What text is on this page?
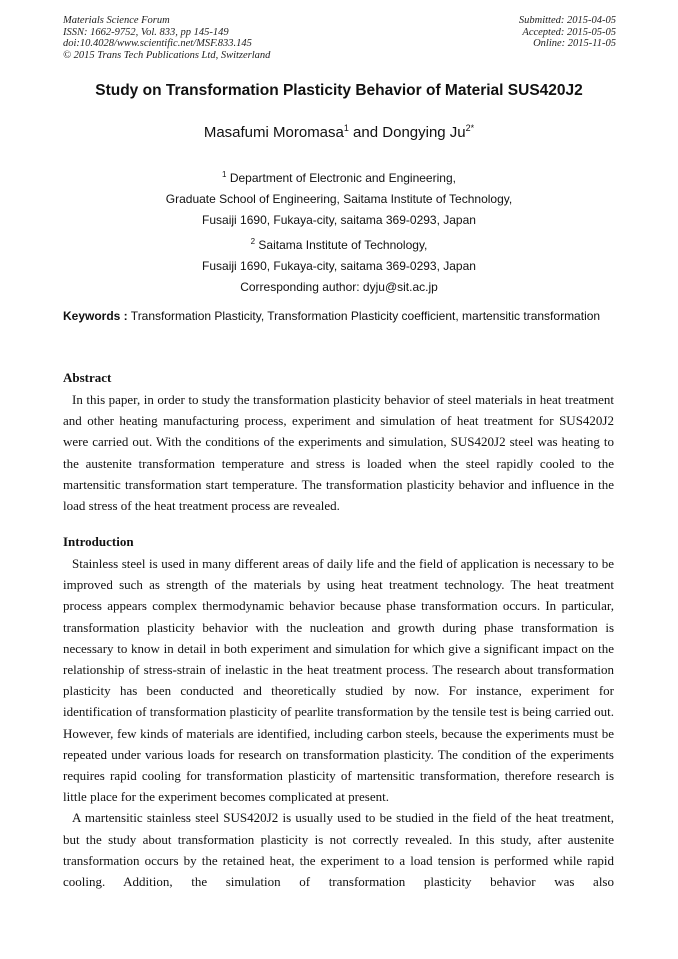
Materials Science Forum
ISSN: 1662-9752, Vol. 833, pp 145-149
doi:10.4028/www.scientific.net/MSF.833.145
© 2015 Trans Tech Publications Ltd, Switzerland
Submitted: 2015-04-05
Accepted: 2015-05-05
Online: 2015-11-05
Study on Transformation Plasticity Behavior of Material SUS420J2
Masafumi Moromasa$^1$ and Dongying $Ju^{2*}$
$^1$ Department of Electronic and Engineering,
Graduate School of Engineering, Saitama Institute of Technology,
Fusaiji 1690, Fukaya-city, saitama 369-0293, Japan
$^2$ Saitama Institute of Technology,
Fusaiji 1690, Fukaya-city, saitama 369-0293, Japan
Corresponding author: dyju@sit.ac.jp
Keywords : Transformation Plasticity, Transformation Plasticity coefficient, martensitic transformation
Abstract

In this paper, in order to study the transformation plasticity behavior of steel materials in heat treatment and other heating manufacturing process, experiment and simulation of heat treatment for SUS420J2 were carried out. With the conditions of the experiments and simulation, SUS420J2 steel was heating to the austenite transformation temperature and stress is loaded when the steel rapidly cooled to the martensitic transformation start temperature. The transformation plasticity behavior and influence in the load stress of the heat treatment process are revealed.

Introduction

Stainless steel is used in many different areas of daily life and the field of application is necessary to be improved such as strength of the materials by using heat treatment technology. The heat treatment process appears complex thermodynamic behavior because phase transformation occurs. In particular, transformation plasticity behavior with the nucleation and growth during phase transformation is necessary to know in detail in both experiment and simulation for which give a significant impact on the relationship of stress-strain of inelastic in the heat treatment process. The research about transformation plasticity has been conducted and theoretically studied by now. For instance, experiment for identification of transformation plasticity of pearlite transformation by the tensile test is being carried out. However, few kinds of materials are identified, including carbon steels, because the experiments must be repeated under various loads for research on transformation plasticity. The condition of the experiments requires rapid cooling for transformation plasticity of martensitic transformation, therefore research is little place for the experiment becomes complicated at present.

A martensitic stainless steel SUS420J2 is usually used to be studied in the field of the heat treatment, but the study about transformation plasticity is not correctly revealed. In this study, after austenite transformation occurs by the retained heat, the experiment to a load tension is performed while rapid cooling. Addition, the simulation of transformation plasticity behavior was also
